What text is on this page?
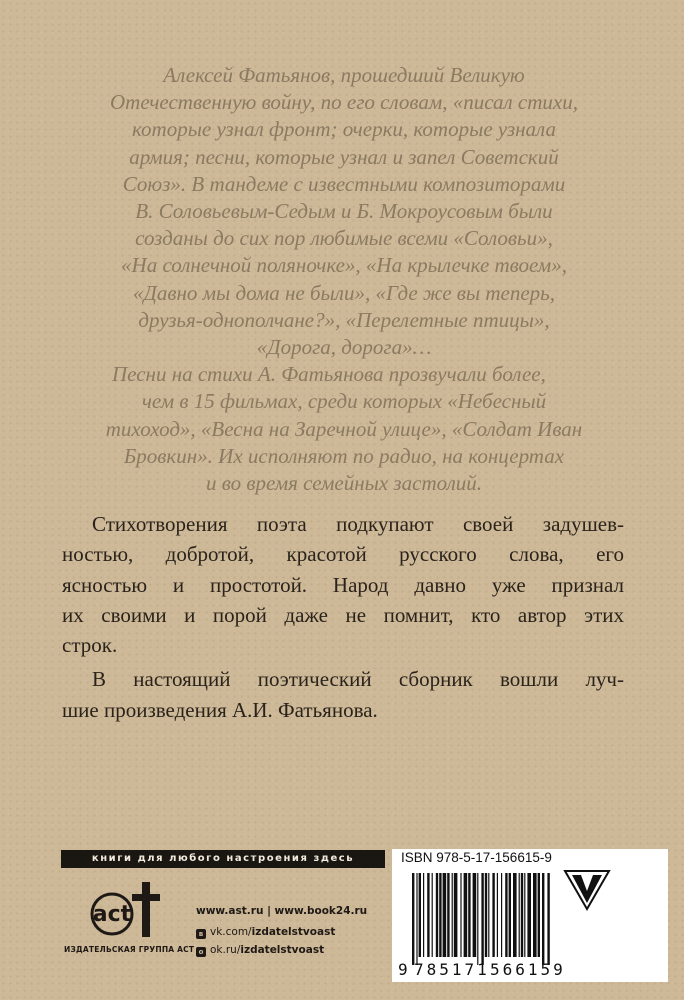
Алексей Фатьянов, прошедший Великую
Отечественную войну, по его словам, «писал стихи,
которые узнал фронт; очерки, которые узнала
армия; песни, которые узнал и запел Советский
Союз». В тандеме с известными композиторами
В. Соловьевым-Седым и Б. Мокроусовым были
созданы до сих пор любимые всеми «Соловьи»,
«На солнечной поляночке», «На крылечке твоем»,
«Давно мы дома не были», «Где же вы теперь,
друзья-однополчане?», «Перелетные птицы»,
«Дорога, дорога»…
Песни на стихи А. Фатьянова прозвучали более,
чем в 15 фильмах, среди которых «Небесный
тихоход», «Весна на Заречной улице», «Солдат Иван
Бровкин». Их исполняют по радио, на концертах
и во время семейных застолий.
Стихотворения поэта подкупают своей задушев-
ностью, добротой, красотой русского слова, его
ясностью и простотой. Народ давно уже признал
их своими и порой даже не помнит, кто автор этих
строк.
В настоящий поэтический сборник вошли луч-
шие произведения А.И. Фатьянова.
книги для любого настроения здесь
act
ИЗДАТЕЛЬСКАЯ ГРУППА АСТ
www.ast.ru | www.book24.ru
в vk.com/izdatelstvoast
о ok.ru/izdatelstvoast
ISBN 978-5-17-156615-9
9 785171 566159
